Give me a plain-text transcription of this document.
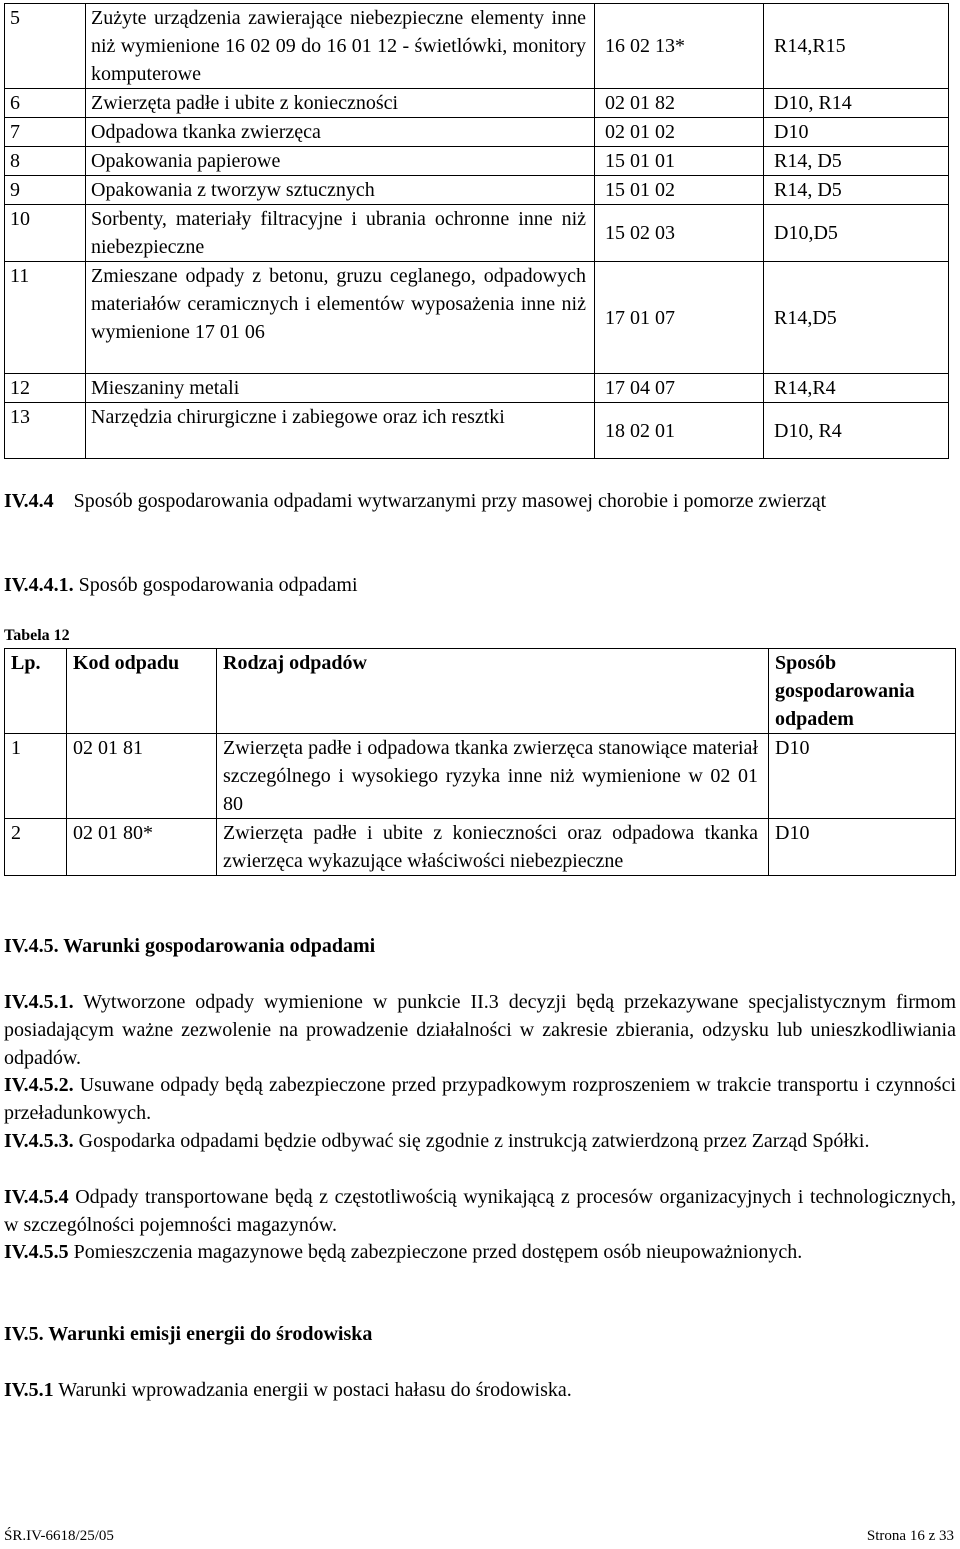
5	Zużyte urządzenia zawierające niebezpieczne elementy inne niż wymienione 16 02 09 do 16 01 12 - świetlówki, monitory komputerowe	16 02 13*	R14,R15
6	Zwierzęta padłe i ubite z konieczności	02 01 82	D10, R14
7	Odpadowa tkanka zwierzęca	02 01 02	D10
8	Opakowania papierowe	15 01 01	R14, D5
9	Opakowania z tworzyw sztucznych	15 01 02	R14, D5
10	Sorbenty, materiały filtracyjne i ubrania ochronne inne niż niebezpieczne	15 02 03	D10,D5
11	Zmieszane odpady z betonu, gruzu ceglanego, odpadowych materiałów ceramicznych i elementów wyposażenia inne niż wymienione 17 01 06	17 01 07	R14,D5
12	Mieszaniny metali	17 04 07	R14,R4
13	Narzędzia chirurgiczne i zabiegowe oraz ich resztki	18 02 01	D10, R4
IV.4.4 Sposób gospodarowania odpadami wytwarzanymi przy masowej chorobie i pomorze zwierząt
IV.4.4.1. Sposób gospodarowania odpadami
Tabela 12
Lp.	Kod odpadu	Rodzaj odpadów	Sposób gospodarowania odpadem
1	02 01 81	Zwierzęta padłe i odpadowa tkanka zwierzęca stanowiące materiał szczególnego i wysokiego ryzyka inne niż wymienione w 02 01 80	D10
2	02 01 80*	Zwierzęta padłe i ubite z konieczności oraz odpadowa tkanka zwierzęca wykazujące właściwości niebezpieczne	D10
IV.4.5. Warunki gospodarowania odpadami
IV.4.5.1. Wytworzone odpady wymienione w punkcie II.3 decyzji będą przekazywane specjalistycznym firmom posiadającym ważne zezwolenie na prowadzenie działalności w zakresie zbierania, odzysku lub unieszkodliwiania odpadów.
IV.4.5.2. Usuwane odpady będą zabezpieczone przed przypadkowym rozproszeniem w trakcie transportu i czynności przeładunkowych.
IV.4.5.3. Gospodarka odpadami będzie odbywać się zgodnie z instrukcją zatwierdzoną przez Zarząd Spółki.
IV.4.5.4 Odpady transportowane będą z częstotliwością wynikającą z procesów organizacyjnych i technologicznych, w szczególności pojemności magazynów.
IV.4.5.5 Pomieszczenia magazynowe będą zabezpieczone przed dostępem osób nieupoważnionych.
IV.5. Warunki emisji energii do środowiska
IV.5.1 Warunki wprowadzania energii w postaci hałasu do środowiska.
ŚR.IV-6618/25/05	Strona 16 z 33
